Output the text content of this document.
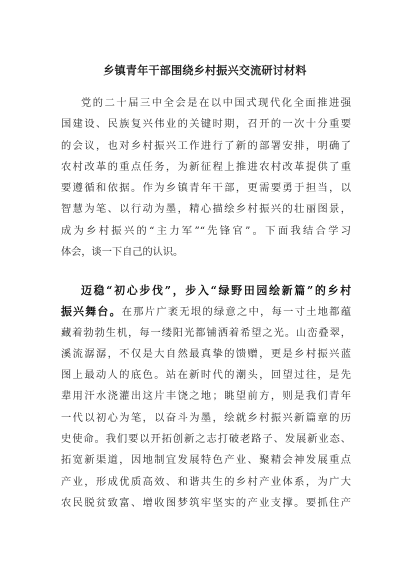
乡镇青年干部围绕乡村振兴交流研讨材料
党的二十届三中全会是在以中国式现代化全面推进强
国建设、民族复兴伟业的关键时期，召开的一次十分重要
的会议，也对乡村振兴工作进行了新的部署安排，明确了
农村改革的重点任务，为新征程上推进农村改革提供了重
要遵循和依据。作为乡镇青年干部，更需要勇于担当，以
智慧为笔、以行动为墨，精心描绘乡村振兴的壮丽图景，
成为乡村振兴的“主力军”“先锋官”。下面我结合学习
体会，谈一下自己的认识。
迈稳“初心步伐”，步入“绿野田园绘新篇”的乡村
振兴舞台。在那片广袤无垠的绿意之中，每一寸土地都蕴
藏着勃勃生机，每一缕阳光都铺洒着希望之光。山峦叠翠，
溪流潺潺，不仅是大自然最真挚的馈赠，更是乡村振兴蓝
图上最动人的底色。站在新时代的潮头，回望过往，是先
辈用汗水浇灌出这片丰饶之地；眺望前方，则是我们青年
一代以初心为笔，以奋斗为墨，绘就乡村振兴新篇章的历
史使命。我们要以开拓创新之志打破老路子、发展新业态、
拓宽新渠道，因地制宜发展特色产业、聚精会神发展重点
产业，形成优质高效、和谐共生的乡村产业体系，为广大
农民脱贫致富、增收图梦筑牢坚实的产业支撑。要抓住产
